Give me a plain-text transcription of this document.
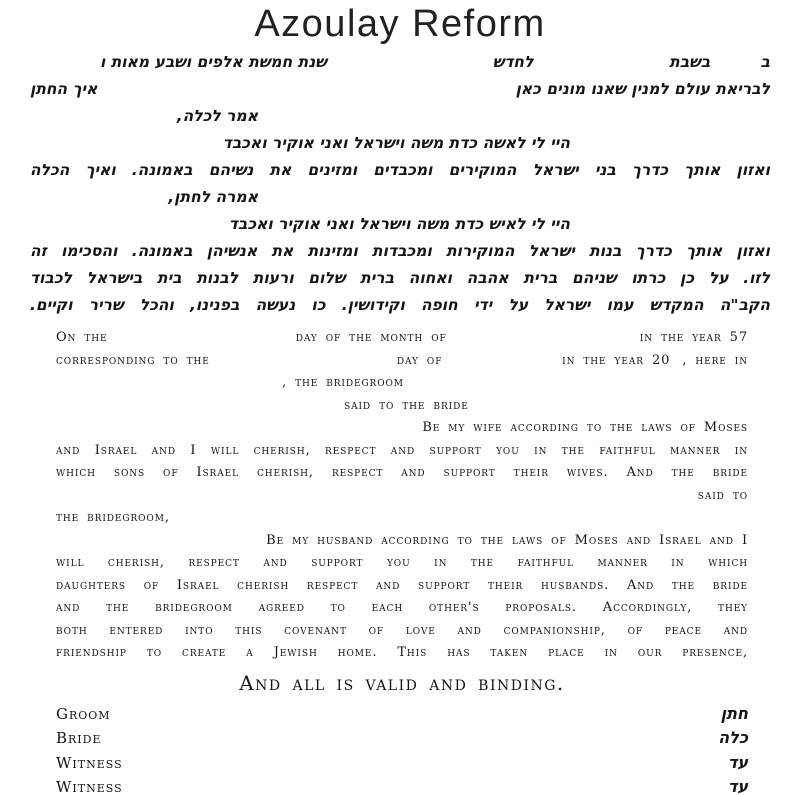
Azoulay Reform
ב
בשבת
לחדש
שנת חמשת אלפים ושבע מאות ו
לבריאת עולם למנין שאנו מונים כאן
איך החתן
אמר לכלה,
היי לי לאשה כדת משה וישראל ואני אוקיר ואכבד
ואזון אותך כדרך בני ישראל המוקירים ומכבדים ומזינים את נשיהם באמונה. ואיך הכלה
אמרה לחתן,
היי לי לאיש כדת משה וישראל ואני אוקיר ואכבד
ואזון אותך כדרך בנות ישראל המוקירות ומכבדות ומזינות את אנשיהן באמונה. והסכימו זה
לזו. על כן כרתו שניהם ברית אהבה ואחוה ברית שלום ורעות לבנות בית בישראל לכבוד
הקב"ה המקדש עמו ישראל על ידי חופה וקידושין. כו נעשה בפנינו, והכל שריר וקיים.
On the	day of the month of	in the year 57
corresponding to the	day of	in the year 20 , here in
, the bridegroom
said to the bride
Be my wife according to the laws of Moses
and Israel and I will cherish, respect and support you in the faithful manner in
which sons of Israel cherish, respect and support their wives. And the bride
said to
the bridegroom,
Be my husband according to the laws of Moses and Israel and I
will cherish, respect and support you in the faithful manner in which
daughters of Israel cherish respect and support their husbands. And the bride
and the bridegroom agreed to each other's proposals. Accordingly, they
both entered into this covenant of love and companionship, of peace and
friendship to create a Jewish home. This has taken place in our presence,
And all is valid and binding.
Groom	חתן
Bride	כלה
Witness	עד
Witness	עד
